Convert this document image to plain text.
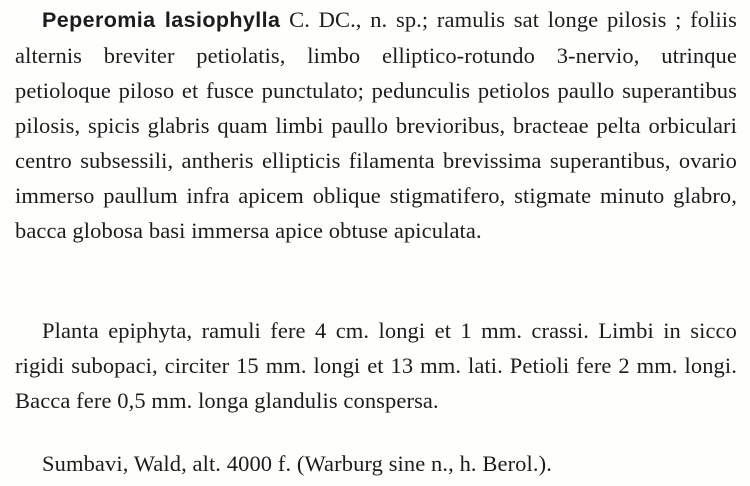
Peperomia lasiophylla C. DC., n. sp.; ramulis sat longe pilosis ; foliis alternis breviter petiolatis, limbo elliptico-rotundo 3-nervio, utrinque petioloque piloso et fusce punctulato; pedunculis petiolos paullo superantibus pilosis, spicis glabris quam limbi paullo brevioribus, bracteae pelta orbiculari centro subsessili, antheris ellipticis filamenta brevissima superantibus, ovario immerso paullum infra apicem oblique stigmatifero, stigmate minuto glabro, bacca globosa basi immersa apice obtuse apiculata.

Planta epiphyta, ramuli fere 4 cm. longi et 1 mm. crassi. Limbi in sicco rigidi subopaci, circiter 15 mm. longi et 13 mm. lati. Petioli fere 2 mm. longi. Bacca fere 0,5 mm. longa glandulis conspersa.

Sumbavi, Wald, alt. 4000 f. (Warburg sine n., h. Berol.).
